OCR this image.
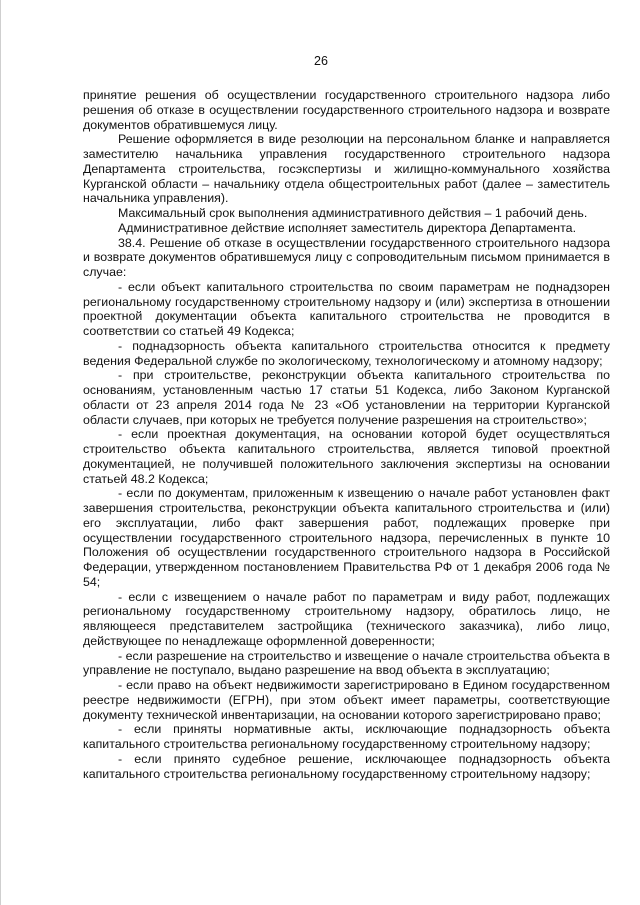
26

принятие решения об осуществлении государственного строительного надзора либо решения об отказе в осуществлении государственного строительного надзора и возврате документов обратившемуся лицу.

Решение оформляется в виде резолюции на персональном бланке и направляется заместителю начальника управления государственного строительного надзора Департамента строительства, госэкспертизы и жилищно-коммунального хозяйства Курганской области – начальнику отдела общестроительных работ (далее – заместитель начальника управления).

Максимальный срок выполнения административного действия – 1 рабочий день.

Административное действие исполняет заместитель директора Департамента.

38.4. Решение об отказе в осуществлении государственного строительного надзора и возврате документов обратившемуся лицу с сопроводительным письмом принимается в случае:

- если объект капитального строительства по своим параметрам не поднадзорен региональному государственному строительному надзору и (или) экспертиза в отношении проектной документации объекта капитального строительства не проводится в соответствии со статьей 49 Кодекса;

- поднадзорность объекта капитального строительства относится к предмету ведения Федеральной службе по экологическому, технологическому и атомному надзору;

- при строительстве, реконструкции объекта капитального строительства по основаниям, установленным частью 17 статьи 51 Кодекса, либо Законом Курганской области от 23 апреля 2014 года № 23 «Об установлении на территории Курганской области случаев, при которых не требуется получение разрешения на строительство»;

- если проектная документация, на основании которой будет осуществляться строительство объекта капитального строительства, является типовой проектной документацией, не получившей положительного заключения экспертизы на основании статьей 48.2 Кодекса;

- если по документам, приложенным к извещению о начале работ установлен факт завершения строительства, реконструкции объекта капитального строительства и (или) его эксплуатации, либо факт завершения работ, подлежащих проверке при осуществлении государственного строительного надзора, перечисленных в пункте 10 Положения об осуществлении государственного строительного надзора в Российской Федерации, утвержденном постановлением Правительства РФ от 1 декабря 2006 года № 54;

- если с извещением о начале работ по параметрам и виду работ, подлежащих региональному государственному строительному надзору, обратилось лицо, не являющееся представителем застройщика (технического заказчика), либо лицо, действующее по ненадлежаще оформленной доверенности;

- если разрешение на строительство и извещение о начале строительства объекта в управление не поступало, выдано разрешение на ввод объекта в эксплуатацию;

- если право на объект недвижимости зарегистрировано в Едином государственном реестре недвижимости (ЕГРН), при этом объект имеет параметры, соответствующие документу технической инвентаризации, на основании которого зарегистрировано право;

- если приняты нормативные акты, исключающие поднадзорность объекта капитального строительства региональному государственному строительному надзору;

- если принято судебное решение, исключающее поднадзорность объекта капитального строительства региональному государственному строительному надзору;
